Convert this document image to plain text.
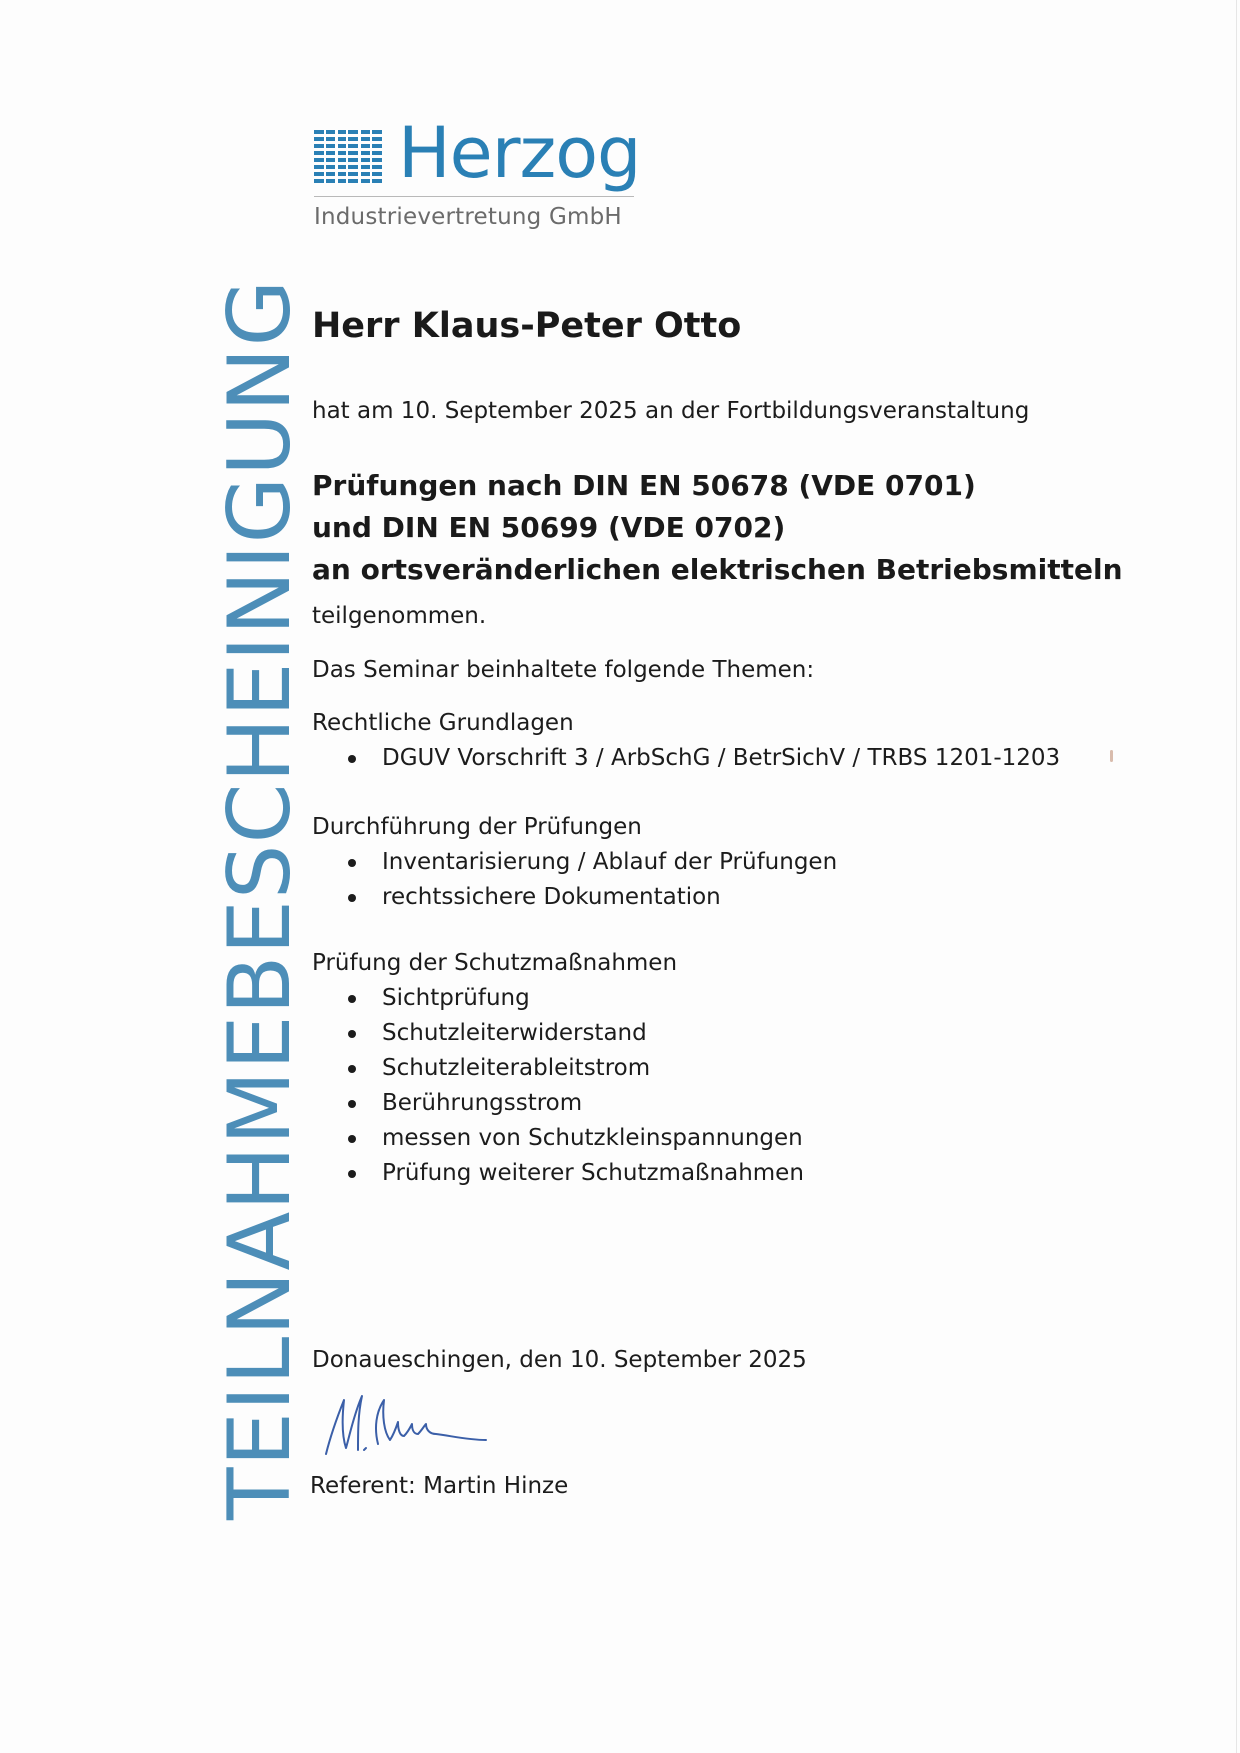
TEILNAHMEBESCHEINIGUNG
Herzog
Industrievertretung GmbH
Herr Klaus-Peter Otto
hat am 10. September 2025 an der Fortbildungsveranstaltung
Prüfungen nach DIN EN 50678 (VDE 0701)
und DIN EN 50699 (VDE 0702)
an ortsveränderlichen elektrischen Betriebsmitteln
teilgenommen.
Das Seminar beinhaltete folgende Themen:
Rechtliche Grundlagen
DGUV Vorschrift 3 / ArbSchG / BetrSichV / TRBS 1201-1203
Durchführung der Prüfungen
Inventarisierung / Ablauf der Prüfungen
rechtssichere Dokumentation
Prüfung der Schutzmaßnahmen
Sichtprüfung
Schutzleiterwiderstand
Schutzleiterableitstrom
Berührungsstrom
messen von Schutzkleinspannungen
Prüfung weiterer Schutzmaßnahmen
Donaueschingen, den 10. September 2025
Referent: Martin Hinze
